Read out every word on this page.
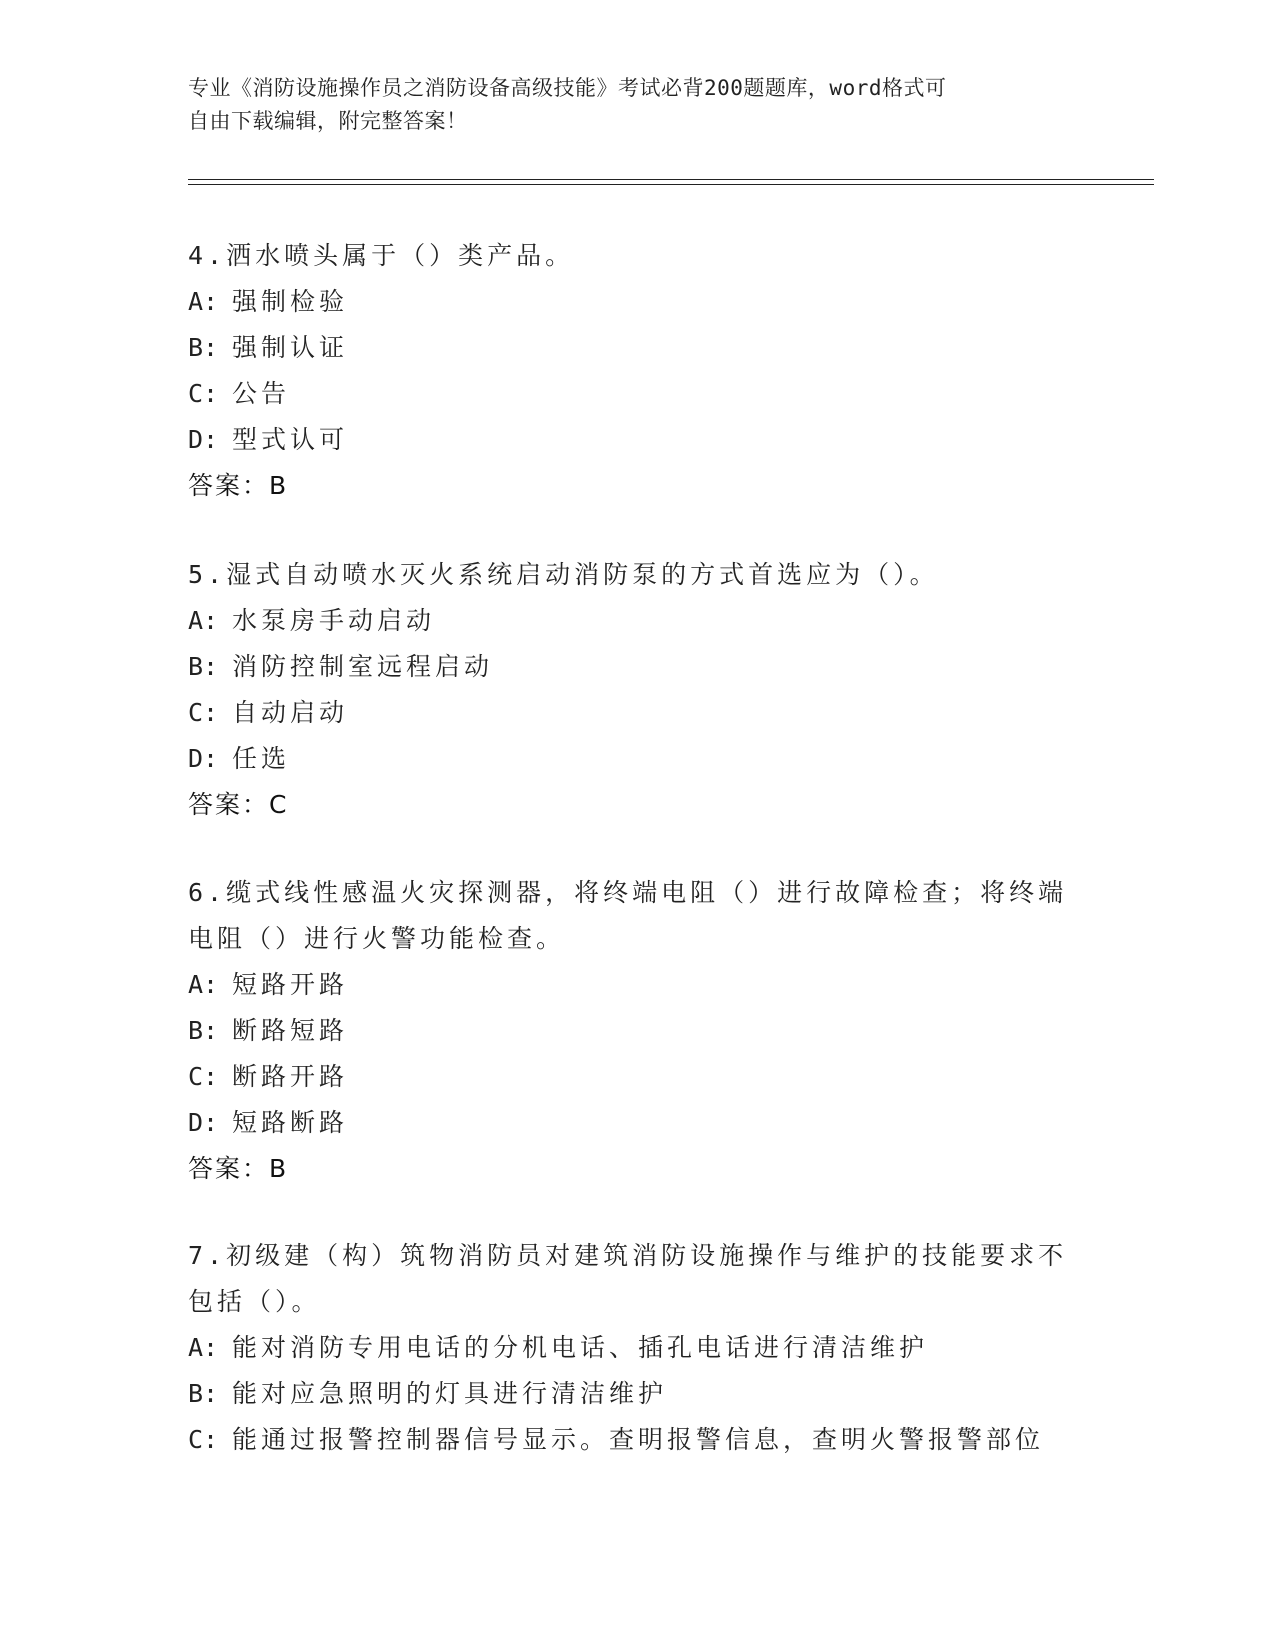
专业《消防设施操作员之消防设备高级技能》考试必背200题题库，word格式可
自由下载编辑，附完整答案！
4.洒水喷头属于（）类产品。
A: 强制检验
B: 强制认证
C: 公告
D: 型式认可
答案：B
5.湿式自动喷水灭火系统启动消防泵的方式首选应为（）。
A: 水泵房手动启动
B: 消防控制室远程启动
C: 自动启动
D: 任选
答案：C
6.缆式线性感温火灾探测器，将终端电阻（）进行故障检查；将终端
电阻（）进行火警功能检查。
A: 短路开路
B: 断路短路
C: 断路开路
D: 短路断路
答案：B
7.初级建（构）筑物消防员对建筑消防设施操作与维护的技能要求不
包括（）。
A: 能对消防专用电话的分机电话、插孔电话进行清洁维护
B: 能对应急照明的灯具进行清洁维护
C: 能通过报警控制器信号显示。查明报警信息，查明火警报警部位
